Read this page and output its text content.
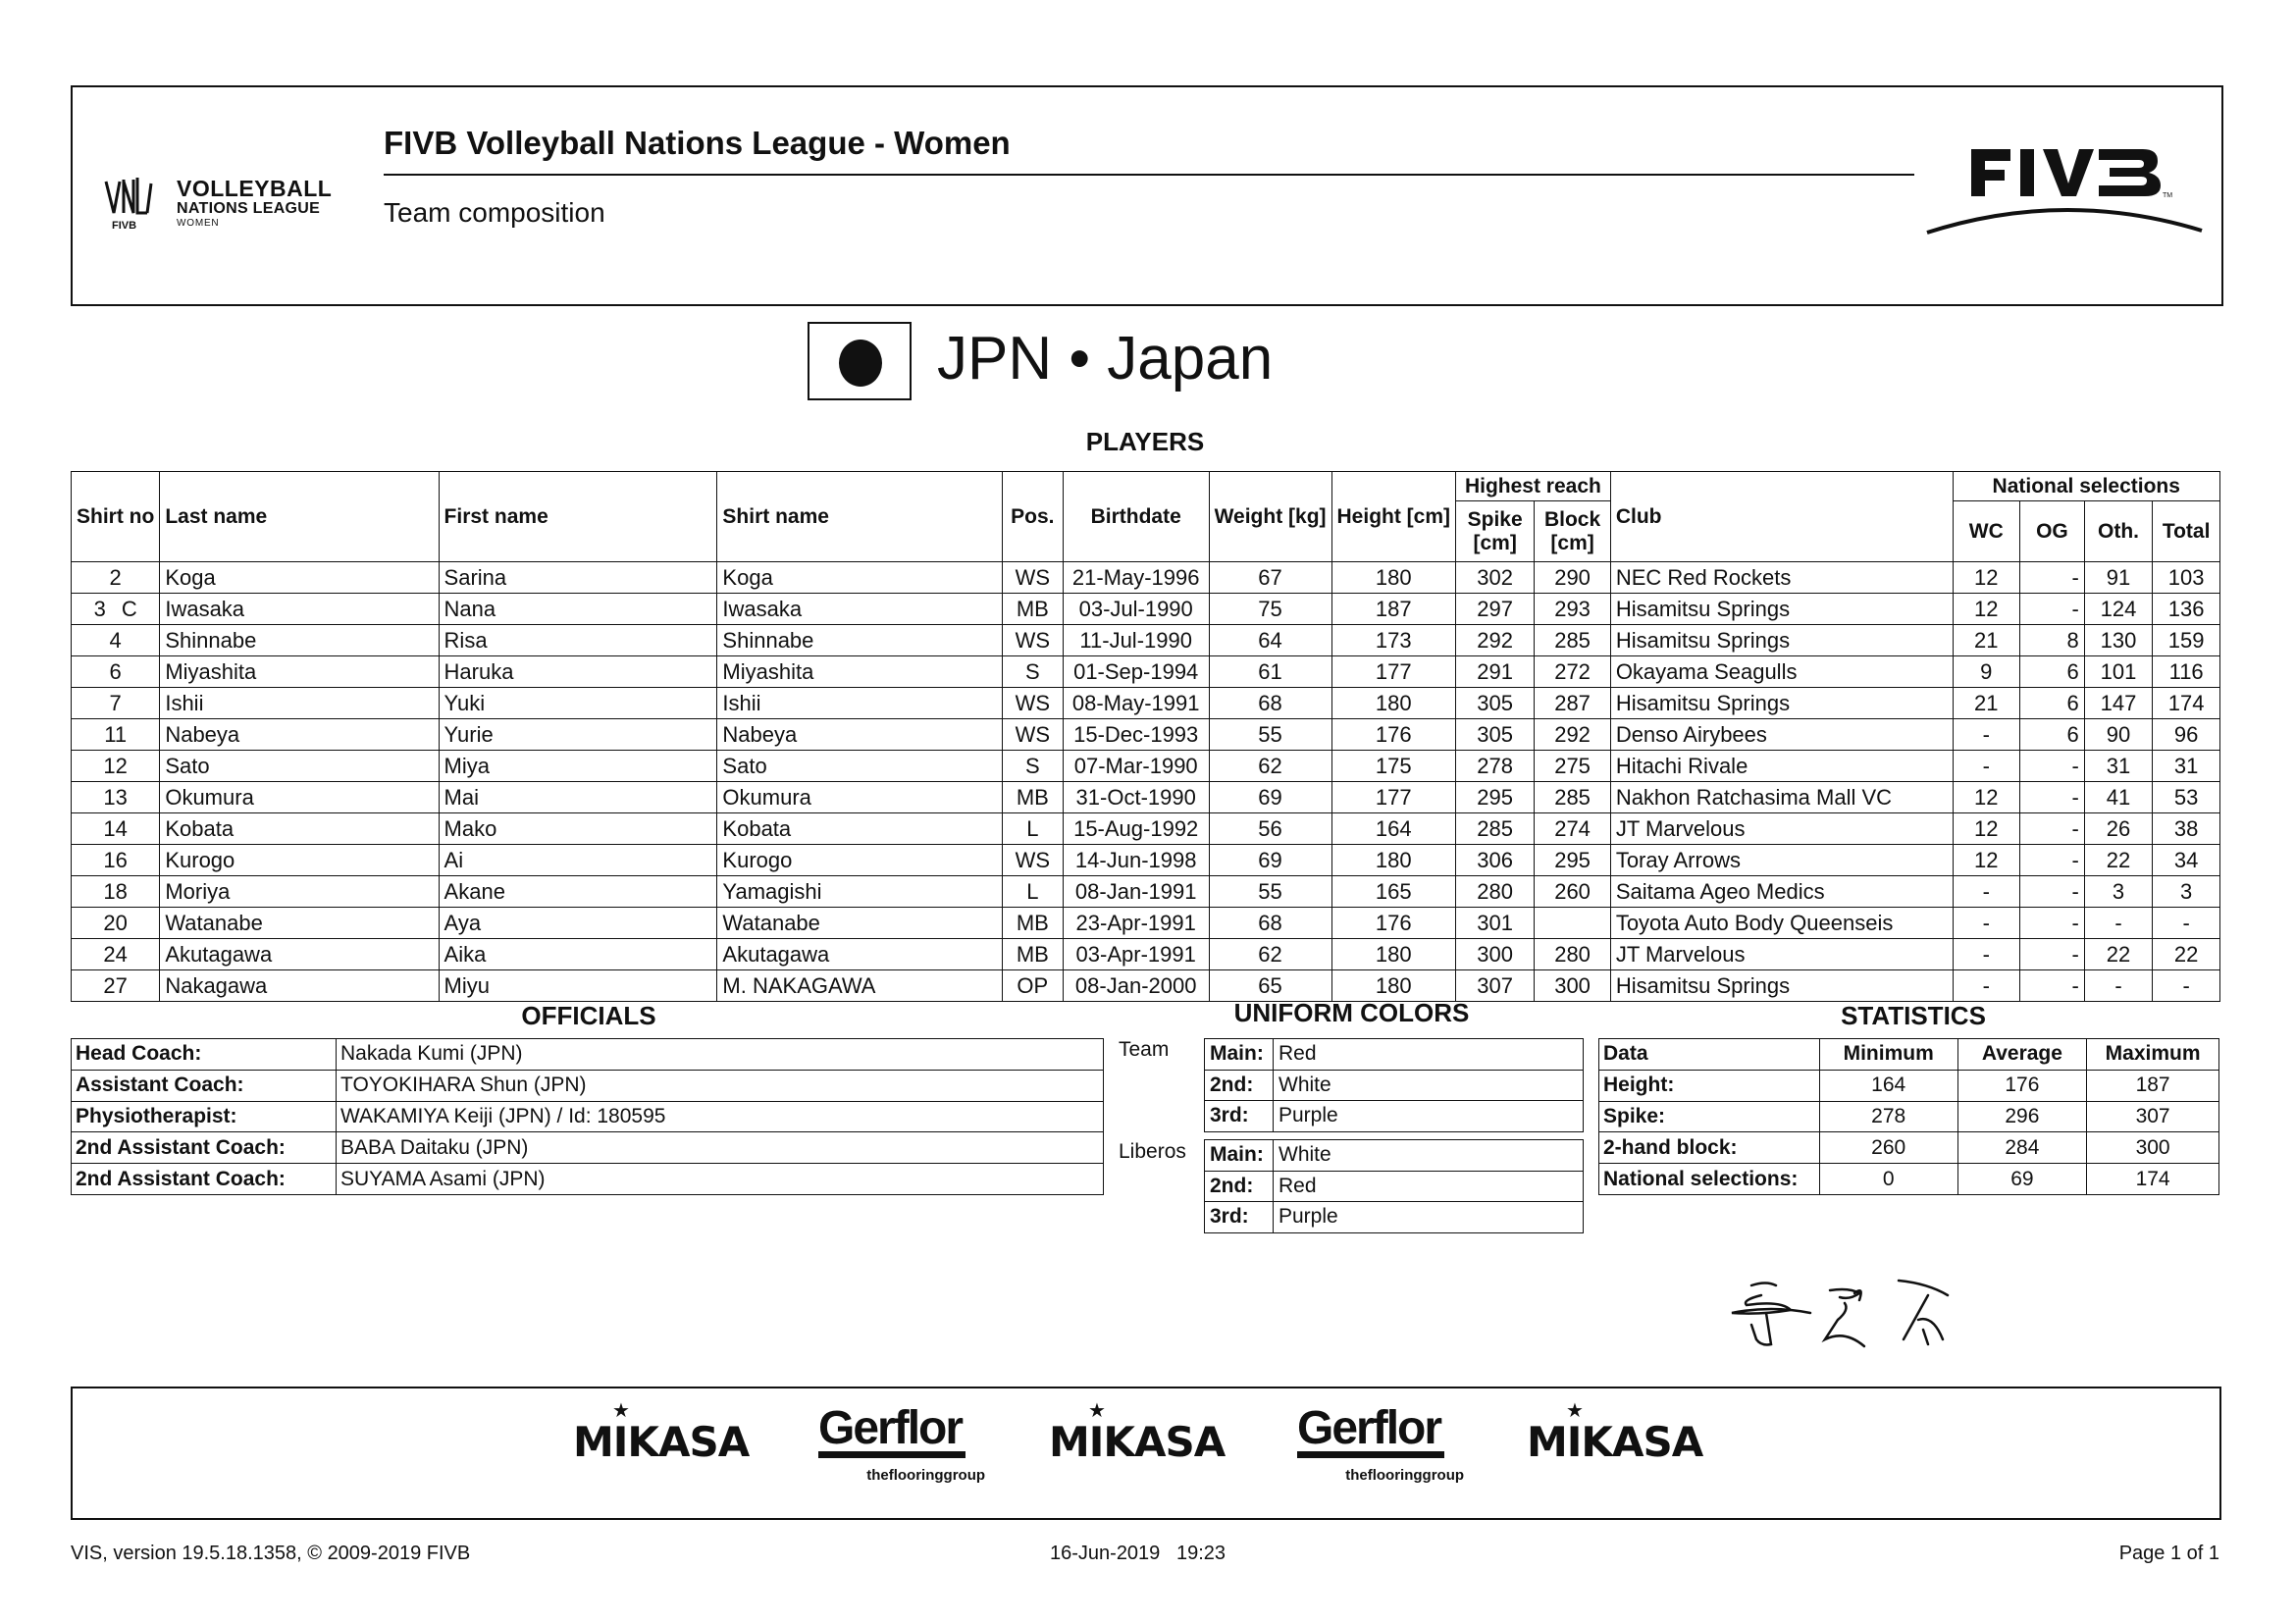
FIVB
VOLLEYBALL
NATIONS LEAGUE
WOMEN
FIVB Volleyball Nations League - Women
Team composition
TM
JPN • Japan
PLAYERS
Shirt no	Last name	First name	Shirt name	Pos.	Birthdate	Weight [kg]	Height [cm]	Highest reach		Club	National selections			
								Spike [cm]	Block [cm]		WC	OG	Oth.	Total
2	Koga	Sarina	Koga	WS	21-May-1996	67	180	302	290	NEC Red Rockets	12	-	91	103
3 C	Iwasaka	Nana	Iwasaka	MB	03-Jul-1990	75	187	297	293	Hisamitsu Springs	12	-	124	136
4	Shinnabe	Risa	Shinnabe	WS	11-Jul-1990	64	173	292	285	Hisamitsu Springs	21	8	130	159
6	Miyashita	Haruka	Miyashita	S	01-Sep-1994	61	177	291	272	Okayama Seagulls	9	6	101	116
7	Ishii	Yuki	Ishii	WS	08-May-1991	68	180	305	287	Hisamitsu Springs	21	6	147	174
11	Nabeya	Yurie	Nabeya	WS	15-Dec-1993	55	176	305	292	Denso Airybees	-	6	90	96
12	Sato	Miya	Sato	S	07-Mar-1990	62	175	278	275	Hitachi Rivale	-	-	31	31
13	Okumura	Mai	Okumura	MB	31-Oct-1990	69	177	295	285	Nakhon Ratchasima Mall VC	12	-	41	53
14	Kobata	Mako	Kobata	L	15-Aug-1992	56	164	285	274	JT Marvelous	12	-	26	38
16	Kurogo	Ai	Kurogo	WS	14-Jun-1998	69	180	306	295	Toray Arrows	12	-	22	34
18	Moriya	Akane	Yamagishi	L	08-Jan-1991	55	165	280	260	Saitama Ageo Medics	-	-	3	3
20	Watanabe	Aya	Watanabe	MB	23-Apr-1991	68	176	301		Toyota Auto Body Queenseis	-	-	-	-
24	Akutagawa	Aika	Akutagawa	MB	03-Apr-1991	62	180	300	280	JT Marvelous	-	-	22	22
27	Nakagawa	Miyu	M. NAKAGAWA	OP	08-Jan-2000	65	180	307	300	Hisamitsu Springs	-	-	-	-
OFFICIALS
Head Coach:	Nakada Kumi (JPN)
Assistant Coach:	TOYOKIHARA Shun (JPN)
Physiotherapist:	WAKAMIYA Keiji (JPN) / Id: 180595
2nd Assistant Coach:	BABA Daitaku (JPN)
2nd Assistant Coach:	SUYAMA Asami (JPN)
UNIFORM COLORS
Team Main:	Red
2nd:	White
3rd:	Purple
Liberos Main:	White
2nd:	Red
3rd:	Purple
STATISTICS
Data	Minimum	Average	Maximum
Height:	164	176	187
Spike:	278	296	307
2-hand block:	260	284	300
National selections:	0	69	174
★
MIKASA Gerflor
theflooringgroup
★
MIKASA Gerflor
theflooringgroup
★
MIKASA
VIS, version 19.5.18.1358, © 2009-2019 FIVB	16-Jun-2019   19:23	Page 1 of 1
